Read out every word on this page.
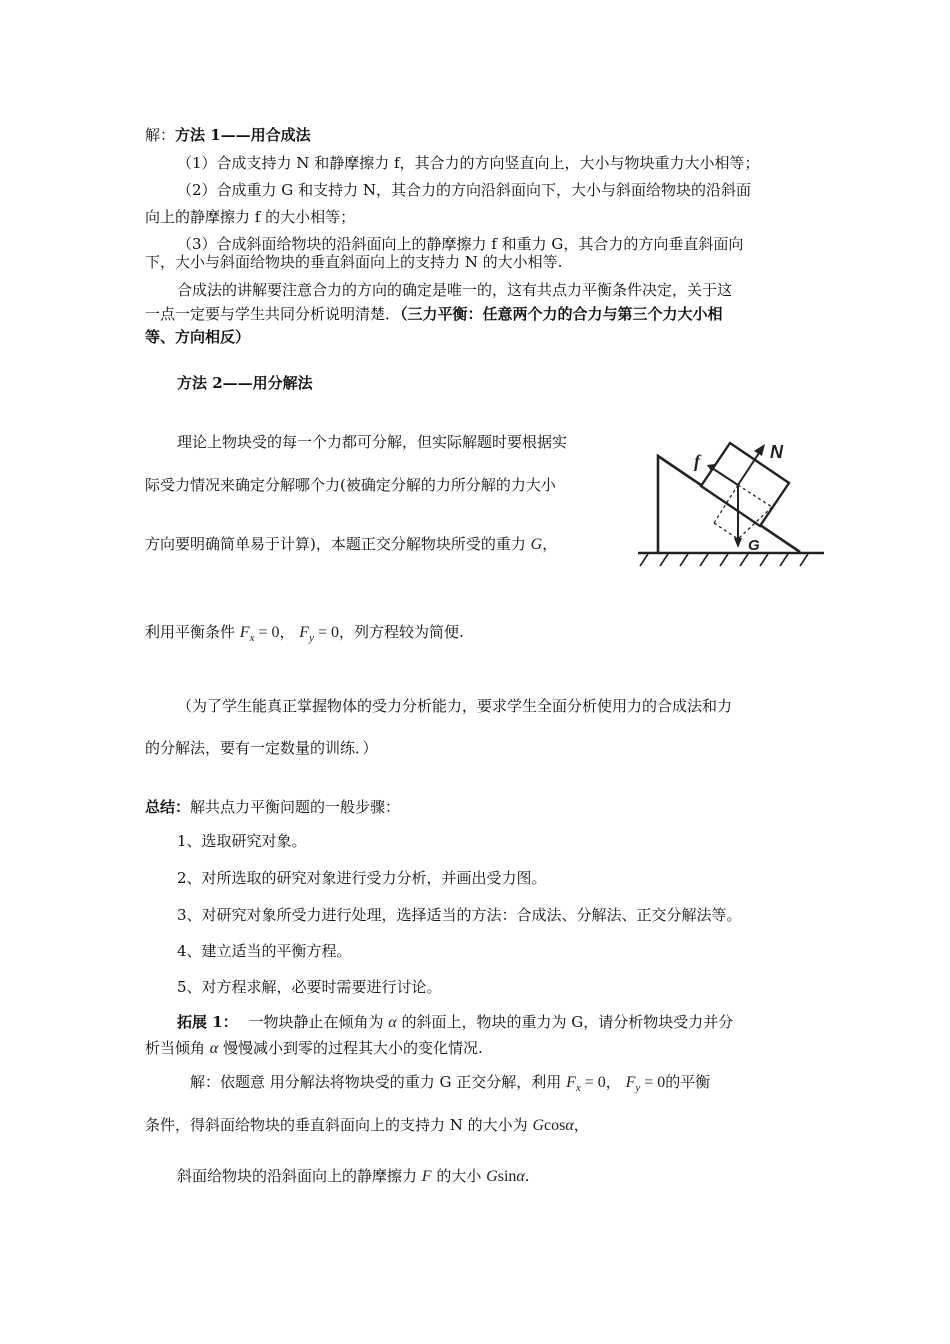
解：方法 1——用合成法
（1）合成支持力 N 和静摩擦力 f，其合力的方向竖直向上，大小与物块重力大小相等；
（2）合成重力 G 和支持力 N，其合力的方向沿斜面向下，大小与斜面给物块的沿斜面
向上的静摩擦力 f 的大小相等；
（3）合成斜面给物块的沿斜面向上的静摩擦力 f 和重力 G，其合力的方向垂直斜面向
下，大小与斜面给物块的垂直斜面向上的支持力 N 的大小相等.
合成法的讲解要注意合力的方向的确定是唯一的，这有共点力平衡条件决定，关于这
一点一定要与学生共同分析说明清楚．（三力平衡：任意两个力的合力与第三个力大小相
等、方向相反）
方法 2——用分解法
理论上物块受的每一个力都可分解，但实际解题时要根据实
际受力情况来确定分解哪个力(被确定分解的力所分解的力大小
方向要明确简单易于计算)，本题正交分解物块所受的重力 G，
利用平衡条件 $F_x = 0$， $F_y = 0$，列方程较为简便.
f	N
G
（为了学生能真正掌握物体的受力分析能力，要求学生全面分析使用力的合成法和力
的分解法，要有一定数量的训练．）
总结：解共点力平衡问题的一般步骤：
1、选取研究对象。
2、对所选取的研究对象进行受力分析，并画出受力图。
3、对研究对象所受力进行处理，选择适当的方法：合成法、分解法、正交分解法等。
4、建立适当的平衡方程。
5、对方程求解，必要时需要进行讨论。
拓展 1： 一物块静止在倾角为 α 的斜面上，物块的重力为 G，请分析物块受力并分
析当倾角 α 慢慢减小到零的过程其大小的变化情况.
解：依题意 用分解法将物块受的重力 G 正交分解，利用 $F_x = 0$， $F_y = 0$的平衡
条件，得斜面给物块的垂直斜面向上的支持力 N 的大小为 Gcosα，
斜面给物块的沿斜面向上的静摩擦力 F 的大小 Gsinα.
